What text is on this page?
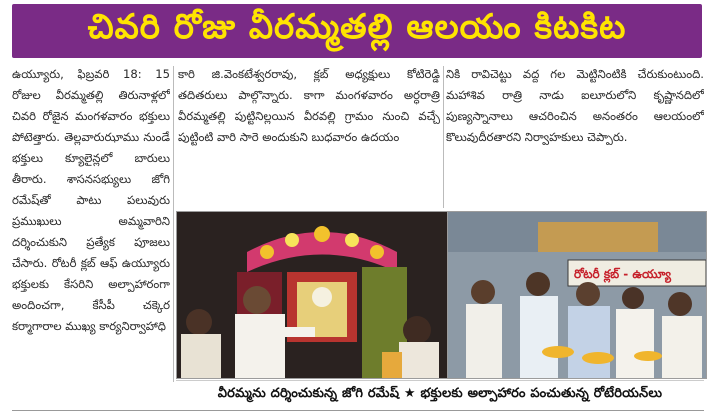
చివరి రోజు వీరమ్మతల్లి ఆలయం కిటకిట
ఉయ్యూరు, ఫిబ్రవరి 18: 15 రోజుల వీరమ్మతల్లి తిరునాళ్లలో చివరి రోజైన మంగళవారం భక్తులు పోటెత్తారు. తెల్లవారుఝాము నుండే భక్తులు క్యూలైన్లలో బారులు తీరారు. శాసనసభ్యులు జోగి రమేష్‌తో పాటు పలువురు ప్రముఖులు అమ్మవారిని దర్శించుకుని ప్రత్యేక పూజలు చేసారు. రోటరీ క్లబ్ ఆఫ్ ఉయ్యూరు భక్తులకు కేసరిని అల్పాహారంగా అందించగా, కేసీపీ చక్కెర కర్మాగారాల ముఖ్య కార్యనిర్వాహాధి
కారి జి.వెంకటేశ్వరరావు, క్లబ్ అధ్యక్షులు కోటిరెడ్డి తదితరులు పాల్గొన్నారు. కాగా మంగళవారం అర్ధరాత్రి వీరమ్మతల్లి పుట్టినిల్లయిన వీరవల్లి గ్రామం నుంచి వచ్చే పుట్టింటి వారి సారె అందుకుని బుధవారం ఉదయం
నికి రావిచెట్టు వద్ద గల మెట్టినింటికి చేరుకుంటుంది. మహాశివ రాత్రి నాడు ఐలూరులోని కృష్ణానదిలో పుణ్యస్నానాలు ఆచరించిన అనంతరం ఆలయంలో కొలువుదీరతారని నిర్వాహకులు చెప్పారు.
రోటరీ క్లబ్ - ఉయ్యూ
వీరమ్మను దర్శించుకున్న జోగి రమేష్ ★ భక్తులకు అల్పాహారం పంచుతున్న రోటేరియన్‌లు
